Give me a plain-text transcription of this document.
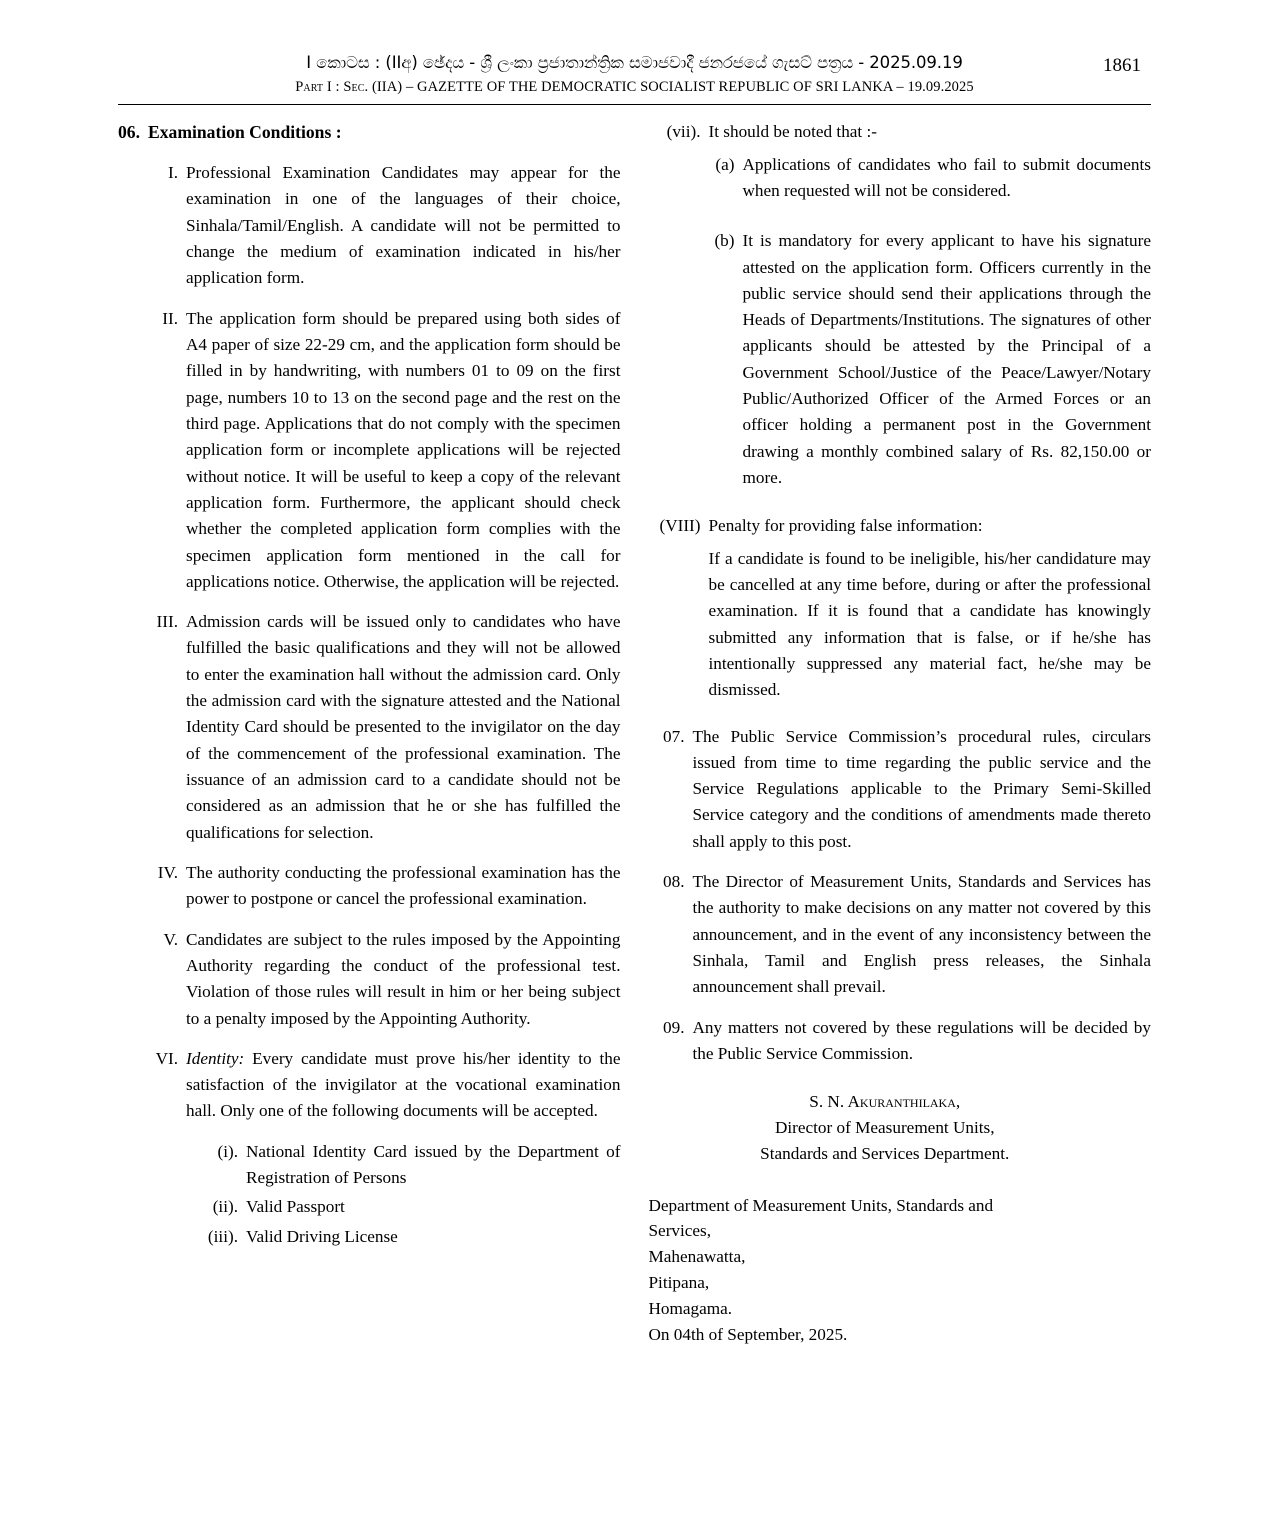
I කොටස : (IIඅ) ඡේදය - ශ්‍රී ලංකා ප්‍රජාතාන්ත්‍රික සමාජවාදී ජනරජයේ ගැසට් පත්‍රය - 2025.09.19	1861
Part I : Sec. (IIA) – GAZETTE OF THE DEMOCRATIC SOCIALIST REPUBLIC OF SRI LANKA – 19.09.2025
06. Examination Conditions :
I. Professional Examination Candidates may appear for the examination in one of the languages of their choice, Sinhala/Tamil/English. A candidate will not be permitted to change the medium of examination indicated in his/her application form.
II. The application form should be prepared using both sides of A4 paper of size 22-29 cm, and the application form should be filled in by handwriting, with numbers 01 to 09 on the first page, numbers 10 to 13 on the second page and the rest on the third page. Applications that do not comply with the specimen application form or incomplete applications will be rejected without notice. It will be useful to keep a copy of the relevant application form. Furthermore, the applicant should check whether the completed application form complies with the specimen application form mentioned in the call for applications notice. Otherwise, the application will be rejected.
III. Admission cards will be issued only to candidates who have fulfilled the basic qualifications and they will not be allowed to enter the examination hall without the admission card. Only the admission card with the signature attested and the National Identity Card should be presented to the invigilator on the day of the commencement of the professional examination. The issuance of an admission card to a candidate should not be considered as an admission that he or she has fulfilled the qualifications for selection.
IV. The authority conducting the professional examination has the power to postpone or cancel the professional examination.
V. Candidates are subject to the rules imposed by the Appointing Authority regarding the conduct of the professional test. Violation of those rules will result in him or her being subject to a penalty imposed by the Appointing Authority.
VI. Identity: Every candidate must prove his/her identity to the satisfaction of the invigilator at the vocational examination hall. Only one of the following documents will be accepted.
(i). National Identity Card issued by the Department of Registration of Persons
(ii). Valid Passport
(iii). Valid Driving License
(vii). It should be noted that :-
(a) Applications of candidates who fail to submit documents when requested will not be considered.
(b) It is mandatory for every applicant to have his signature attested on the application form. Officers currently in the public service should send their applications through the Heads of Departments/Institutions. The signatures of other applicants should be attested by the Principal of a Government School/Justice of the Peace/Lawyer/Notary Public/Authorized Officer of the Armed Forces or an officer holding a permanent post in the Government drawing a monthly combined salary of Rs. 82,150.00 or more.
(VIII) Penalty for providing false information:
If a candidate is found to be ineligible, his/her candidature may be cancelled at any time before, during or after the professional examination. If it is found that a candidate has knowingly submitted any information that is false, or if he/she has intentionally suppressed any material fact, he/she may be dismissed.
07. The Public Service Commission’s procedural rules, circulars issued from time to time regarding the public service and the Service Regulations applicable to the Primary Semi-Skilled Service category and the conditions of amendments made thereto shall apply to this post.
08. The Director of Measurement Units, Standards and Services has the authority to make decisions on any matter not covered by this announcement, and in the event of any inconsistency between the Sinhala, Tamil and English press releases, the Sinhala announcement shall prevail.
09. Any matters not covered by these regulations will be decided by the Public Service Commission.
S. N. Akuranthilaka,
Director of Measurement Units,
Standards and Services Department.
Department of Measurement Units, Standards and
Services,
Mahenawatta,
Pitipana,
Homagama.
On 04th of September, 2025.
